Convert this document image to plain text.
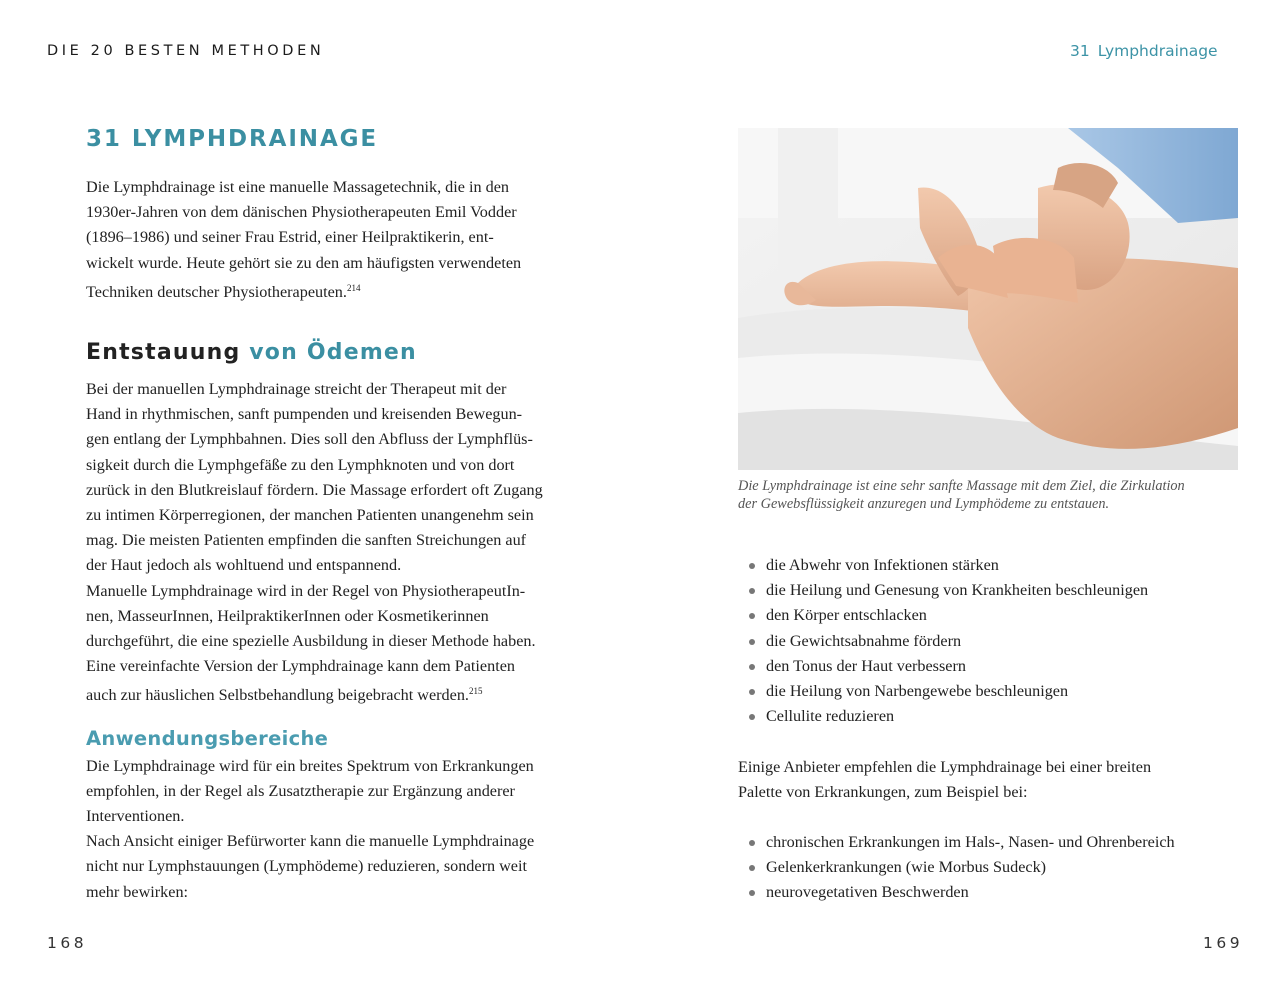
DIE 20 BESTEN METHODEN	31 Lymphdrainage
31 LYMPHDRAINAGE
Die Lymphdrainage ist eine manuelle Massagetechnik, die in den
1930er-Jahren von dem dänischen Physiotherapeuten Emil Vodder
(1896–1986) und seiner Frau Estrid, einer Heilpraktikerin, ent-
wickelt wurde. Heute gehört sie zu den am häufigsten verwendeten
Techniken deutscher Physiotherapeuten.$^{214}$
Entstauung von Ödemen
Bei der manuellen Lymphdrainage streicht der Therapeut mit der
Hand in rhythmischen, sanft pumpenden und kreisenden Bewegun-
gen entlang der Lymphbahnen. Dies soll den Abfluss der Lymphflüs-
sigkeit durch die Lymphgefäße zu den Lymphknoten und von dort
zurück in den Blutkreislauf fördern. Die Massage erfordert oft Zugang
zu intimen Körperregionen, der manchen Patienten unangenehm sein
mag. Die meisten Patienten empfinden die sanften Streichungen auf
der Haut jedoch als wohltuend und entspannend.
Manuelle Lymphdrainage wird in der Regel von PhysiotherapeutIn-
nen, MasseurInnen, HeilpraktikerInnen oder Kosmetikerinnen
durchgeführt, die eine spezielle Ausbildung in dieser Methode haben.
Eine vereinfachte Version der Lymphdrainage kann dem Patienten
auch zur häuslichen Selbstbehandlung beigebracht werden.$^{215}$
Anwendungsbereiche
Die Lymphdrainage wird für ein breites Spektrum von Erkrankungen
empfohlen, in der Regel als Zusatztherapie zur Ergänzung anderer
Interventionen.
Nach Ansicht einiger Befürworter kann die manuelle Lymphdrainage
nicht nur Lymphstauungen (Lymphödeme) reduzieren, sondern weit
mehr bewirken:
168
Die Lymphdrainage ist eine sehr sanfte Massage mit dem Ziel, die Zirkulation
der Gewebsflüssigkeit anzuregen und Lymphödeme zu entstauen.
die Abwehr von Infektionen stärken
die Heilung und Genesung von Krankheiten beschleunigen
den Körper entschlacken
die Gewichtsabnahme fördern
den Tonus der Haut verbessern
die Heilung von Narbengewebe beschleunigen
Cellulite reduzieren
Einige Anbieter empfehlen die Lymphdrainage bei einer breiten
Palette von Erkrankungen, zum Beispiel bei:
chronischen Erkrankungen im Hals-, Nasen- und Ohrenbereich
Gelenkerkrankungen (wie Morbus Sudeck)
neurovegetativen Beschwerden
169
